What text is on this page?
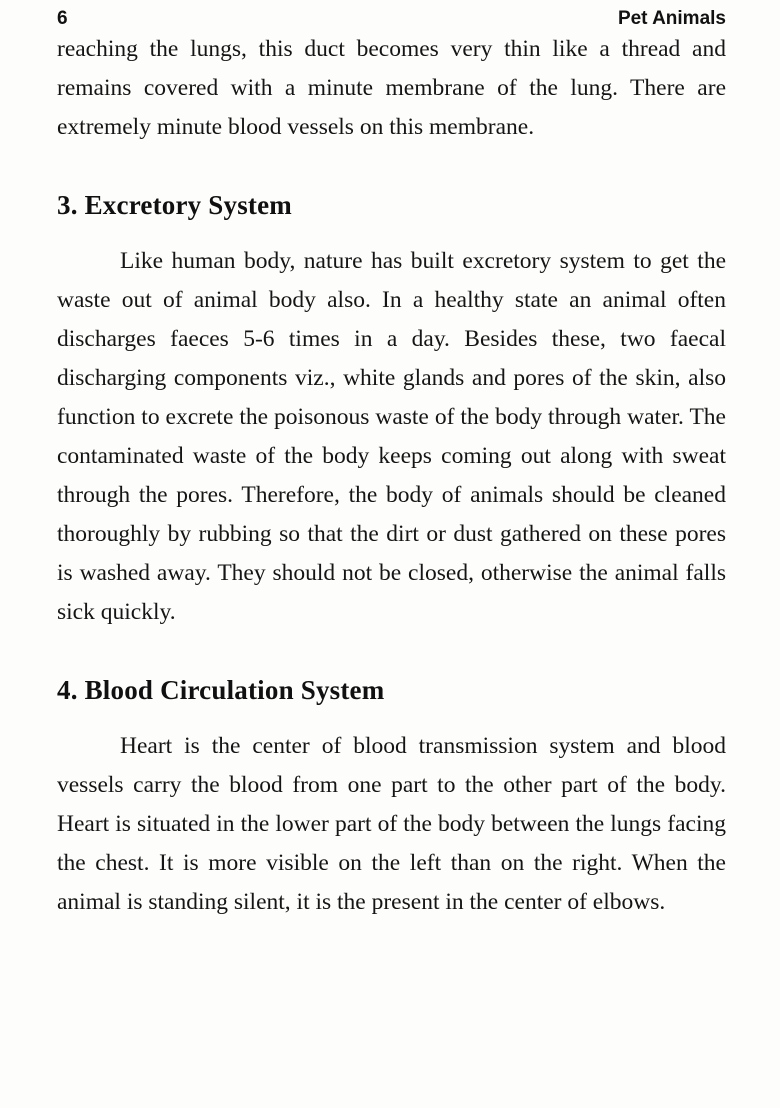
6	Pet Animals

reaching the lungs, this duct becomes very thin like a thread and remains covered with a minute membrane of the lung. There are extremely minute blood vessels on this membrane.

3. Excretory System

Like human body, nature has built excretory system to get the waste out of animal body also. In a healthy state an animal often discharges faeces 5-6 times in a day. Besides these, two faecal discharging components viz., white glands and pores of the skin, also function to excrete the poisonous waste of the body through water. The contaminated waste of the body keeps coming out along with sweat through the pores. Therefore, the body of animals should be cleaned thoroughly by rubbing so that the dirt or dust gathered on these pores is washed away. They should not be closed, otherwise the animal falls sick quickly.

4. Blood Circulation System

Heart is the center of blood transmission system and blood vessels carry the blood from one part to the other part of the body. Heart is situated in the lower part of the body between the lungs facing the chest. It is more visible on the left than on the right. When the animal is standing silent, it is the present in the center of elbows.
